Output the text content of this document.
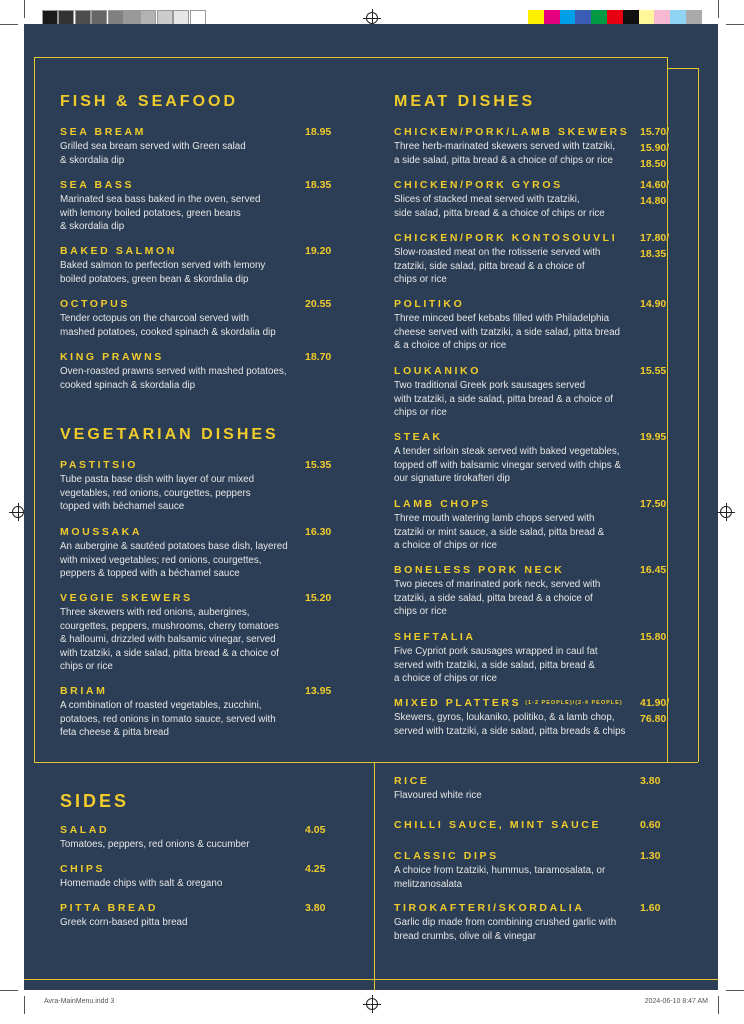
FISH & SEAFOOD
SEA BREAM
Grilled sea bream served with Green salad
& skordalia dip
18.95
SEA BASS
Marinated sea bass baked in the oven, served
with lemony boiled potatoes, green beans
& skordalia dip
18.35
BAKED SALMON
Baked salmon to perfection served with lemony
boiled potatoes, green bean & skordalia dip
19.20
OCTOPUS
Tender octopus on the charcoal served with
mashed potatoes, cooked spinach & skordalia dip
20.55
KING PRAWNS
Oven-roasted prawns served with mashed potatoes,
cooked spinach & skordalia dip
18.70
VEGETARIAN DISHES
PASTITSIO
Tube pasta base dish with layer of our mixed
vegetables, red onions, courgettes, peppers
topped with béchamel sauce
15.35
MOUSSAKA
An aubergine & sautéed potatoes base dish, layered
with mixed vegetables; red onions, courgettes,
peppers & topped with a béchamel sauce
16.30
VEGGIE SKEWERS
Three skewers with red onions, aubergines,
courgettes, peppers, mushrooms, cherry tomatoes
& halloumi, drizzled with balsamic vinegar, served
with tzatziki, a side salad, pitta bread & a choice of
chips or rice
15.20
BRIAM
A combination of roasted vegetables, zucchini,
potatoes, red onions in tomato sauce, served with
feta cheese & pitta bread
13.95
MEAT DISHES
CHICKEN/PORK/LAMB SKEWERS
Three herb-marinated skewers served with tzatziki,
a side salad, pitta bread & a choice of chips or rice
15.70/
15.90/
18.50
CHICKEN/PORK GYROS
Slices of stacked meat served with tzatziki,
side salad, pitta bread & a choice of chips or rice
14.60/
14.80
CHICKEN/PORK KONTOSOUVLI
Slow-roasted meat on the rotisserie served with
tzatziki, side salad, pitta bread & a choice of
chips or rice
17.80/
18.35
POLITIKO
Three minced beef kebabs filled with Philadelphia
cheese served with tzatziki, a side salad, pitta bread
& a choice of chips or rice
14.90
LOUKANIKO
Two traditional Greek pork sausages served
with tzatziki, a side salad, pitta bread & a choice of
chips or rice
15.55
STEAK
A tender sirloin steak served with baked vegetables,
topped off with balsamic vinegar served with chips &
our signature tirokafteri dip
19.95
LAMB CHOPS
Three mouth watering lamb chops served with
tzatziki or mint sauce, a side salad, pitta bread &
a choice of chips or rice
17.50
BONELESS PORK NECK
Two pieces of marinated pork neck, served with
tzatziki, a side salad, pitta bread & a choice of
chips or rice
16.45
SHEFTALIA
Five Cypriot pork sausages wrapped in caul fat
served with tzatziki, a side salad, pitta bread &
a choice of chips or rice
15.80
MIXED PLATTERS (1-2 PEOPLE)/(2-4 PEOPLE)
Skewers, gyros, loukaniko, politiko, & a lamb chop,
served with tzatziki, a side salad, pitta breads & chips
41.90/
76.80
SIDES
SALAD
Tomatoes, peppers, red onions & cucumber
4.05
CHIPS
Homemade chips with salt & oregano
4.25
PITTA BREAD
Greek corn-based pitta bread
3.80
RICE
Flavoured white rice
3.80
CHILLI SAUCE, MINT SAUCE	0.60
CLASSIC DIPS
A choice from tzatziki, hummus, taramosalata, or
melitzanosalata
1.30
TIROKAFTERI/SKORDALIA
Garlic dip made from combining crushed garlic with
bread crumbs, olive oil & vinegar
1.60
Avra-MainMenu.indd 3	2024-06-10 8:47 AM
